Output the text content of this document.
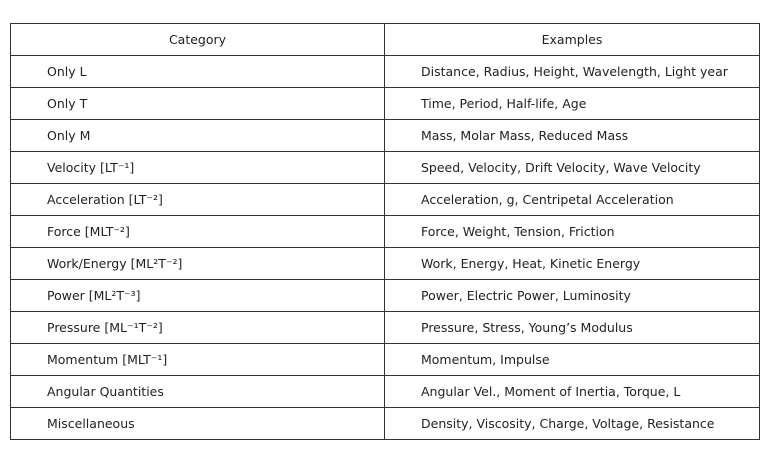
Category	Examples
Only L	Distance, Radius, Height, Wavelength, Light year
Only T	Time, Period, Half-life, Age
Only M	Mass, Molar Mass, Reduced Mass
Velocity [LT⁻¹]	Speed, Velocity, Drift Velocity, Wave Velocity
Acceleration [LT⁻²]	Acceleration, g, Centripetal Acceleration
Force [MLT⁻²]	Force, Weight, Tension, Friction
Work/Energy [ML²T⁻²]	Work, Energy, Heat, Kinetic Energy
Power [ML²T⁻³]	Power, Electric Power, Luminosity
Pressure [ML⁻¹T⁻²]	Pressure, Stress, Young’s Modulus
Momentum [MLT⁻¹]	Momentum, Impulse
Angular Quantities	Angular Vel., Moment of Inertia, Torque, L
Miscellaneous	Density, Viscosity, Charge, Voltage, Resistance
